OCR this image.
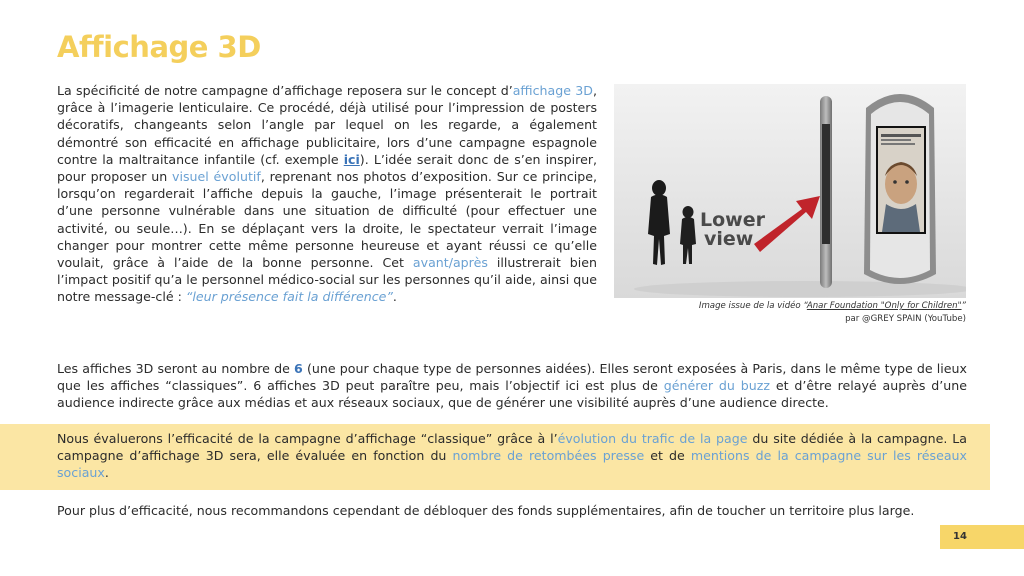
Affichage 3D

La spécificité de notre campagne d’affichage reposera sur le concept d’affichage 3D, grâce à l’imagerie lenticulaire. Ce procédé, déjà utilisé pour l’impression de posters décoratifs, changeants selon l’angle par lequel on les regarde, a également démontré son efficacité en affichage publicitaire, lors d’une campagne espagnole contre la maltraitance infantile (cf. exemple ici). L’idée serait donc de s’en inspirer, pour proposer un visuel évolutif, reprenant nos photos d’exposition. Sur ce principe, lorsqu’on regarderait l’affiche depuis la gauche, l’image présenterait le portrait d’une personne vulnérable dans une situation de difficulté (pour effectuer une activité, ou seule…). En se déplaçant vers la droite, le spectateur verrait l’image changer pour montrer cette même personne heureuse et ayant réussi ce qu’elle voulait, grâce à l’aide de la bonne personne. Cet avant/après illustrerait bien l’impact positif qu’a le personnel médico-social sur les personnes qu’il aide, ainsi que notre message-clé : “leur présence fait la différence”.

Lower
view
Image issue de la vidéo “Anar Foundation "Only for Children"”
par @GREY SPAIN (YouTube)

Les affiches 3D seront au nombre de 6 (une pour chaque type de personnes aidées). Elles seront exposées à Paris, dans le même type de lieux que les affiches “classiques”. 6 affiches 3D peut paraître peu, mais l’objectif ici est plus de générer du buzz et d’être relayé auprès d’une audience indirecte grâce aux médias et aux réseaux sociaux, que de générer une visibilité auprès d’une audience directe.

Nous évaluerons l’efficacité de la campagne d’affichage “classique” grâce à l’évolution du trafic de la page du site dédiée à la campagne. La campagne d’affichage 3D sera, elle évaluée en fonction du nombre de retombées presse et de mentions de la campagne sur les réseaux sociaux.

Pour plus d’efficacité, nous recommandons cependant de débloquer des fonds supplémentaires, afin de toucher un territoire plus large.

14
